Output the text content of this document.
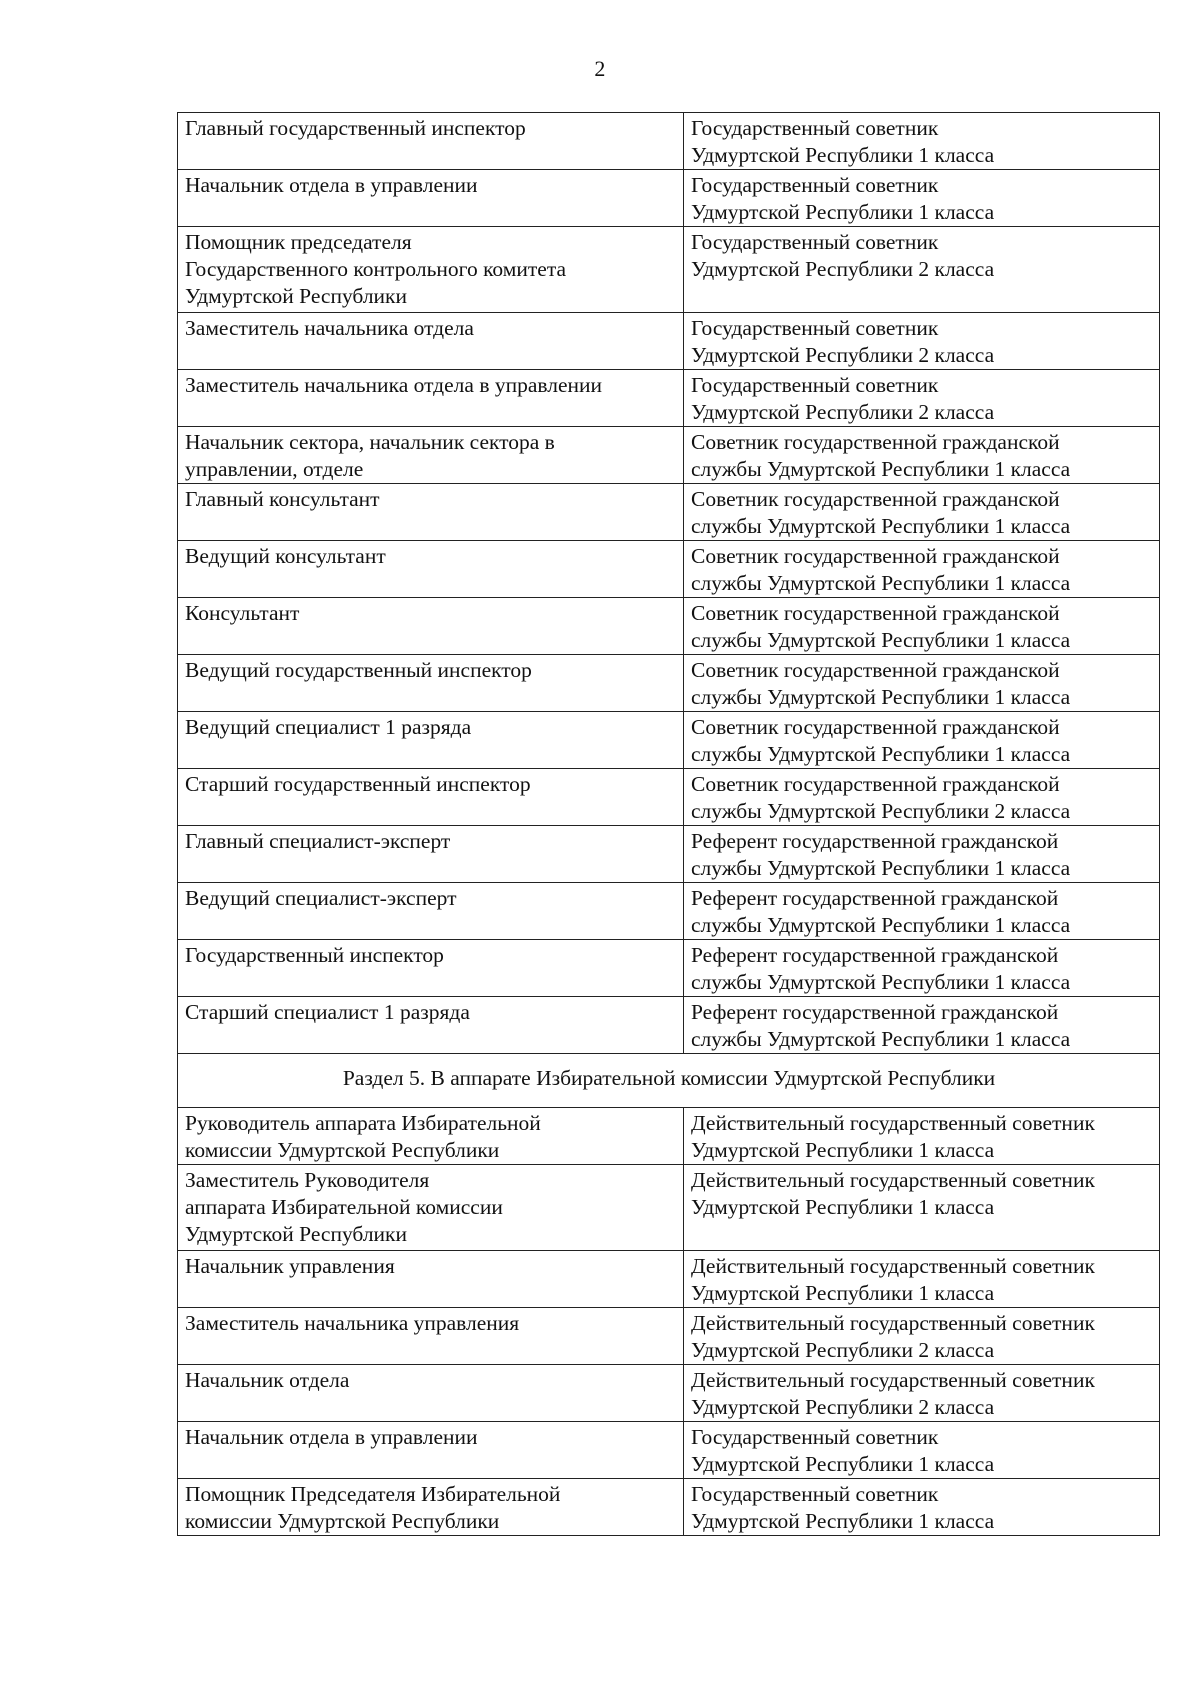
2
Главный государственный инспектор	Государственный советник
Удмуртской Республики 1 класса

Начальник отдела в управлении	Государственный советник
Удмуртской Республики 1 класса

Помощник председателя
Государственного контрольного комитета
Удмуртской Республики	Государственный советник
Удмуртской Республики 2 класса

Заместитель начальника отдела	Государственный советник
Удмуртской Республики 2 класса

Заместитель начальника отдела в управлении	Государственный советник
Удмуртской Республики 2 класса

Начальник сектора, начальник сектора в
управлении, отделе	Советник государственной гражданской
службы Удмуртской Республики 1 класса

Главный консультант	Советник государственной гражданской
службы Удмуртской Республики 1 класса

Ведущий консультант	Советник государственной гражданской
службы Удмуртской Республики 1 класса

Консультант	Советник государственной гражданской
службы Удмуртской Республики 1 класса

Ведущий государственный инспектор	Советник государственной гражданской
службы Удмуртской Республики 1 класса

Ведущий специалист 1 разряда	Советник государственной гражданской
службы Удмуртской Республики 1 класса

Старший государственный инспектор	Советник государственной гражданской
службы Удмуртской Республики 2 класса

Главный специалист-эксперт	Референт государственной гражданской
службы Удмуртской Республики 1 класса

Ведущий специалист-эксперт	Референт государственной гражданской
службы Удмуртской Республики 1 класса

Государственный инспектор	Референт государственной гражданской
службы Удмуртской Республики 1 класса

Старший специалист 1 разряда	Референт государственной гражданской
службы Удмуртской Республики 1 класса

Раздел 5. В аппарате Избирательной комиссии Удмуртской Республики	

Руководитель аппарата Избирательной
комиссии Удмуртской Республики	Действительный государственный советник
Удмуртской Республики 1 класса

Заместитель Руководителя
аппарата Избирательной комиссии
Удмуртской Республики	Действительный государственный советник
Удмуртской Республики 1 класса

Начальник управления	Действительный государственный советник
Удмуртской Республики 1 класса

Заместитель начальника управления	Действительный государственный советник
Удмуртской Республики 2 класса

Начальник отдела	Действительный государственный советник
Удмуртской Республики 2 класса

Начальник отдела в управлении	Государственный советник
Удмуртской Республики 1 класса

Помощник Председателя Избирательной
комиссии Удмуртской Республики	Государственный советник
Удмуртской Республики 1 класса
